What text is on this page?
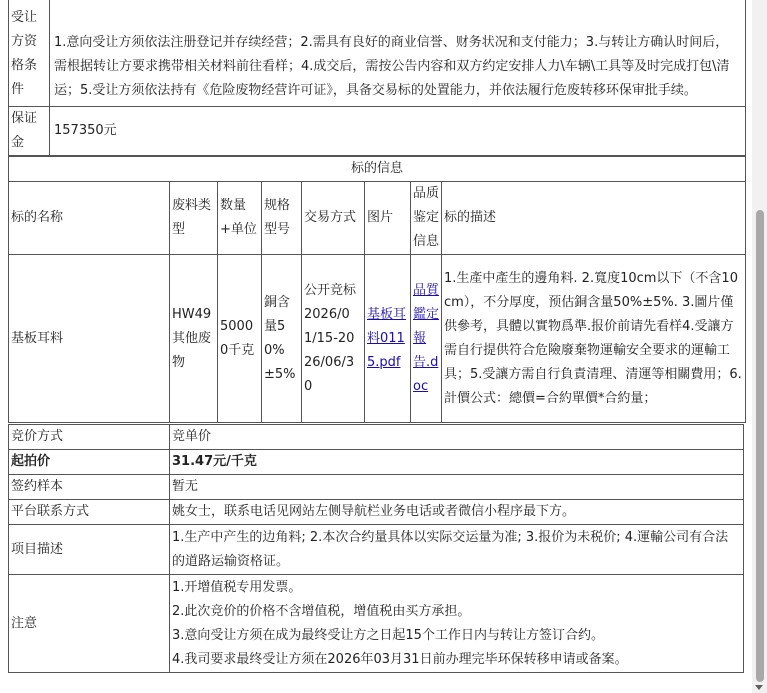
受让方资格条件	1.意向受让方须依法注册登记并存续经营；2.需具有良好的商业信誉、财务状况和支付能力；3.与转让方确认时间后，需根据转让方要求携带相关材料前往看样；4.成交后，需按公告内容和双方约定安排人力\车辆\工具等及时完成打包\清运；5.受让方须依法持有《危险废物经营许可证》，具备交易标的处置能力，并依法履行危废转移环保审批手续。
保证金	157350元
标的信息							
标的名称	废料类型	数量+单位	规格型号	交易方式	图片	品质鉴定信息	标的描述
基板耳料	HW49其他废物	50000千克	銅含量50%±5%	公开竞标2026/01/15-2026/06/30	基板耳料0115.pdf	品質鑑定報告.doc	1.生產中產生的邊角料. 2.寬度10cm以下（不含10cm），不分厚度，预估銅含量50%±5%. 3.圖片僅供參考，具體以實物爲準.报价前请先看样4.受讓方需自行提供符合危險廢棄物運輸安全要求的運輸工具；5.受讓方需自行負責清理、清運等相關費用；6.計價公式：總價=合約單價*合約量；
竞价方式	竞单价
起拍价	31.47元/千克
签约样本	暂无
平台联系方式	姚女士，联系电话见网站左侧导航栏业务电话或者微信小程序最下方。
项目描述	1.生产中产生的边角料; 2.本次合约量具体以实际交运量为准; 3.报价为未税价; 4.運輸公司有合法的道路运输资格证。
注意	1.开增值税专用发票。
2.此次竞价的价格不含增值税，增值税由买方承担。
3.意向受让方须在成为最终受让方之日起15个工作日内与转让方签订合约。
4.我司要求最终受让方须在2026年03月31日前办理完毕环保转移申请或备案。
